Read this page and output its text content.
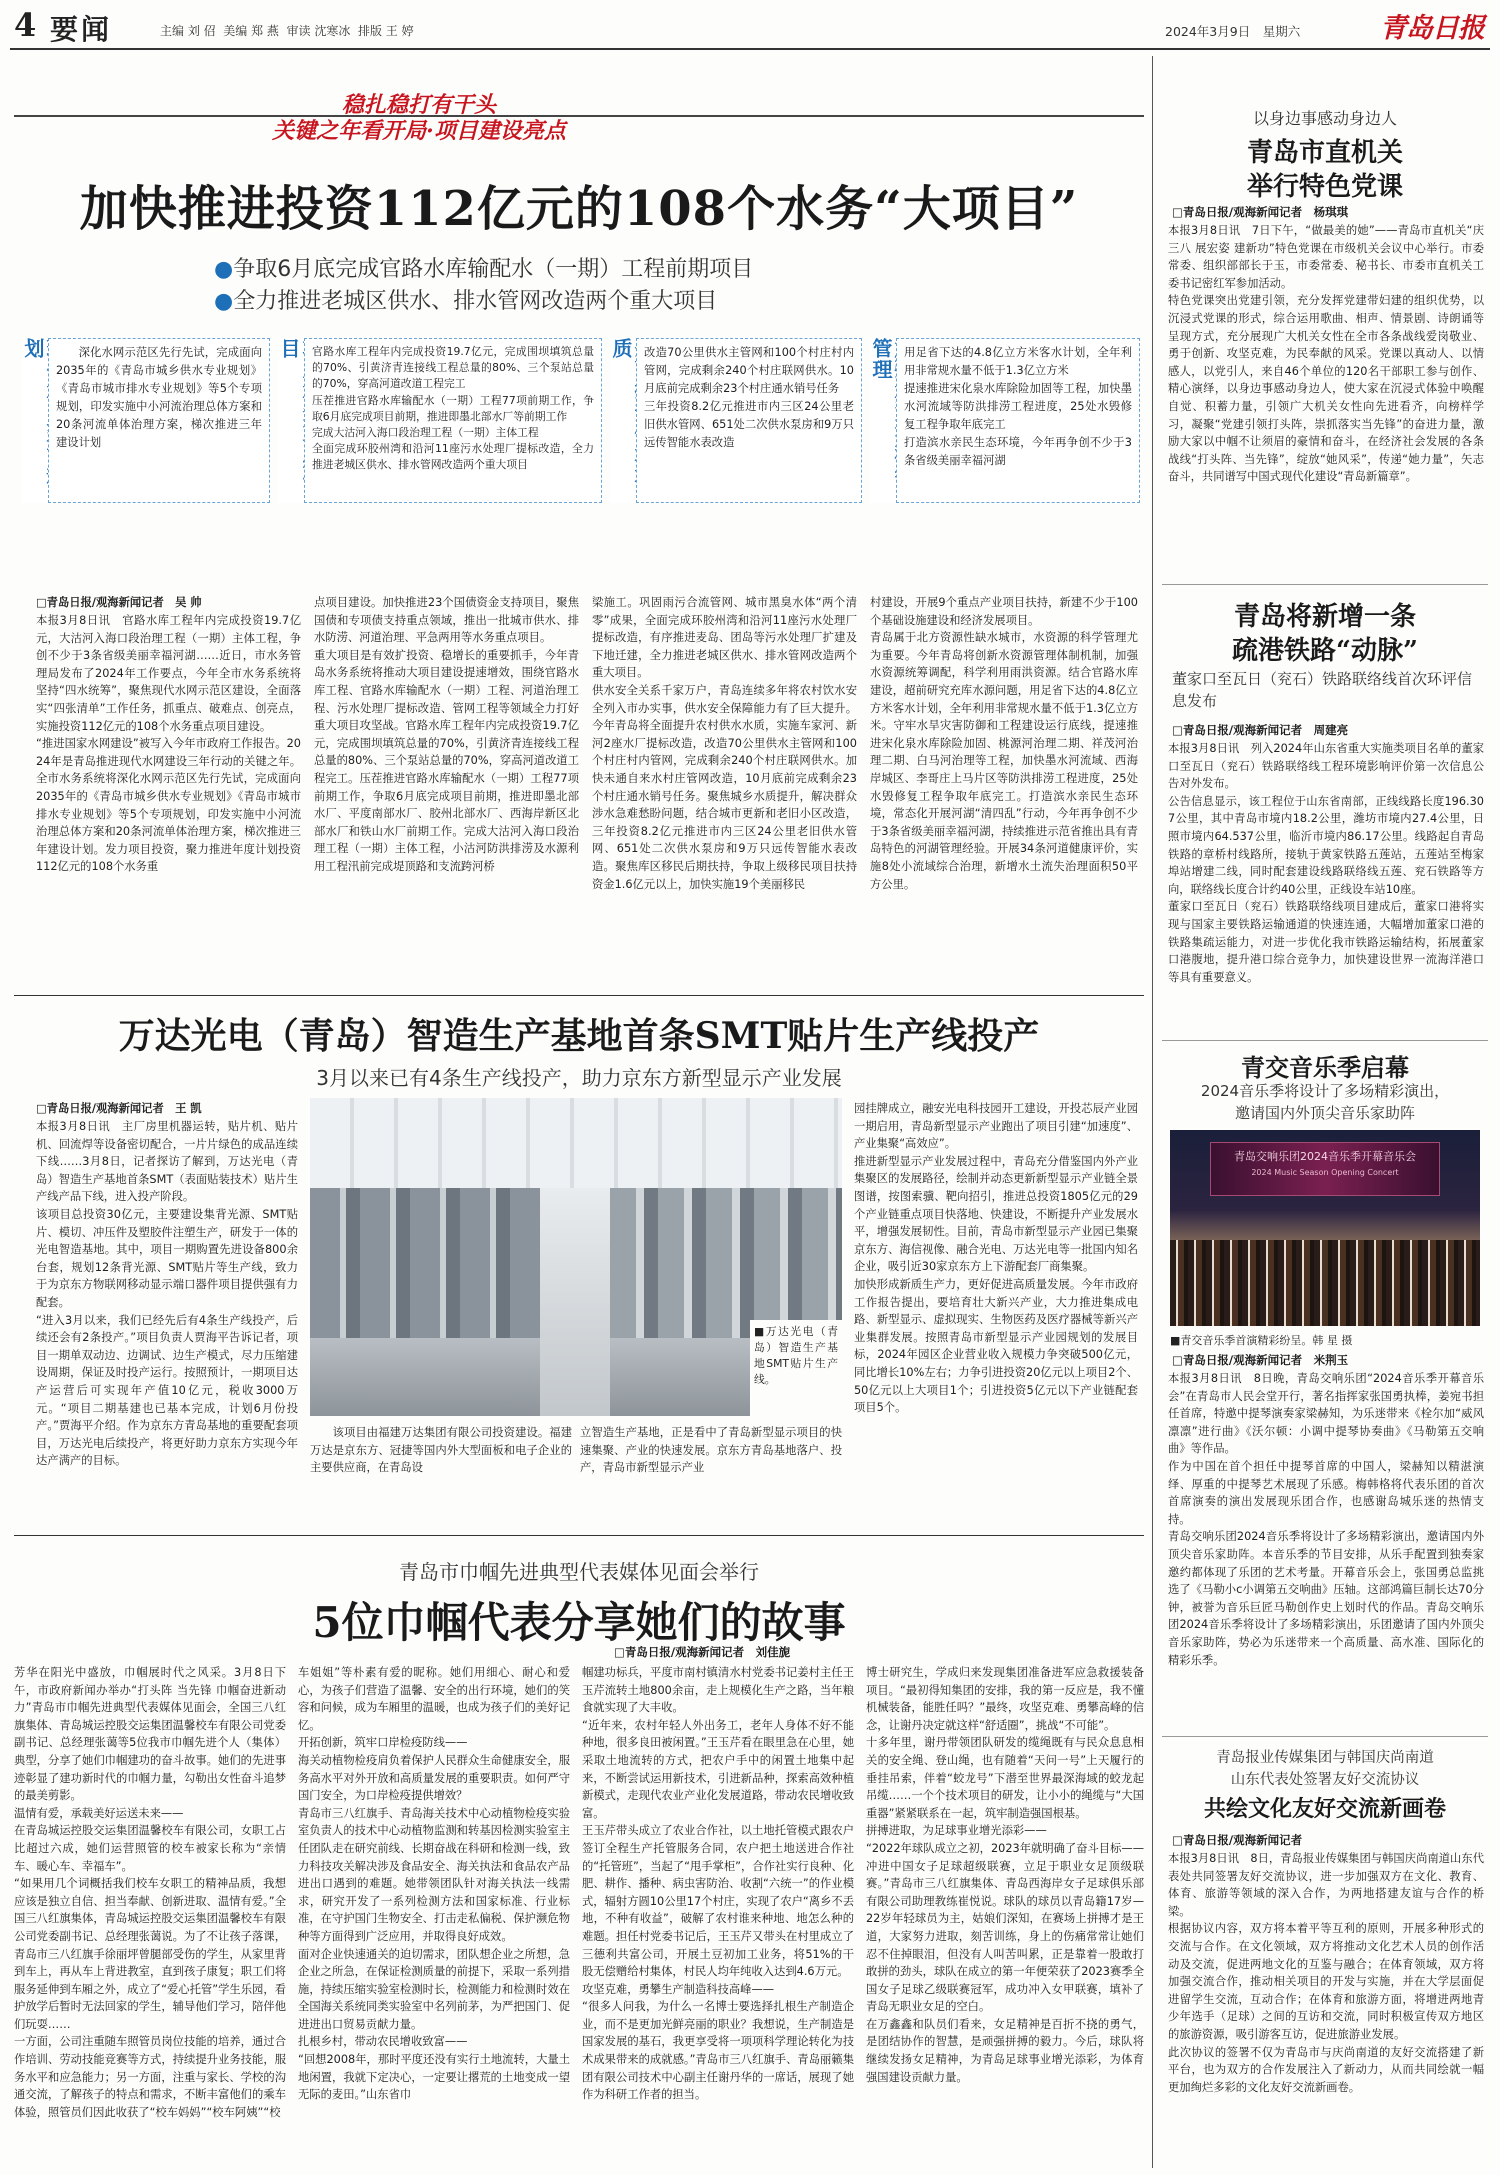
4 要闻	主编 刘 佋  美编 郑 燕  审读 沈寒冰  排版 王 婷	2024年3月9日　星期六	青岛日报
稳扎稳打有干头
关键之年看开局·项目建设亮点
加快推进投资112亿元的108个水务“大项目”
●争取6月底完成官路水库输配水（一期）工程前期项目
●全力推进老城区供水、排水管网改造两个重大项目
划	深化水网示范区先行先试，完成面向2035年的《青岛市城乡供水专业规划》《青岛市城市排水专业规划》等5个专项规划，印发实施中小河流治理总体方案和20条河流单体治理方案，梯次推进三年建设计划
目	官路水库工程年内完成投资19.7亿元，完成围坝填筑总量的70%、引黄济青连接线工程总量的80%、三个泵站总量的70%，穿高河道改道工程完工
压茬推进官路水库输配水（一期）工程77项前期工作，争取6月底完成项目前期，推进即墨北部水厂等前期工作
完成大沽河入海口段治理工程（一期）主体工程
全面完成环胶州湾和沿河11座污水处理厂提标改造，全力推进老城区供水、排水管网改造两个重大项目
质 改造70公里供水主管网和100个村庄村内管网，完成剩余240个村庄联网供水。10月底前完成剩余23个村庄通水销号任务
三年投资8.2亿元推进市内三区24公里老旧供水管网、651处二次供水泵房和9万只远传智能水表改造
管理
用足省下达的4.8亿立方米客水计划，全年利用非常规水量不低于1.3亿立方米
提速推进宋化泉水库除险加固等工程，加快墨水河流域等防洪排涝工程进度，25处水毁修复工程争取年底完工
打造滨水亲民生态环境，今年再争创不少于3条省级美丽幸福河湖
□青岛日报/观海新闻记者　吴 帅
本报3月8日讯　官路水库工程年内完成投资19.7亿元，大沽河入海口段治理工程（一期）主体工程，争创不少于3条省级美丽幸福河湖……近日，市水务管理局发布了2024年工作要点，今年全市水务系统将坚持“四水统筹”，聚焦现代水网示范区建设，全面落实“四张清单”工作任务，抓重点、破难点、创亮点，实施投资112亿元的108个水务重点项目建设。
“推进国家水网建设”被写入今年市政府工作报告。2024年是青岛推进现代水网建设三年行动的关键之年。全市水务系统将深化水网示范区先行先试，完成面向2035年的《青岛市城乡供水专业规划》《青岛市城市排水专业规划》等5个专项规划，印发实施中小河流治理总体方案和20条河流单体治理方案，梯次推进三年建设计划。发力项目投资，聚力推进年度计划投资112亿元的108个水务重
点项目建设。加快推进23个国债资金支持项目，聚焦国债和专项债支持重点领域，推出一批城市供水、排水防涝、河道治理、平急两用等水务重点项目。
重大项目是有效扩投资、稳增长的重要抓手，今年青岛水务系统将推动大项目建设提速增效，围绕官路水库工程、官路水库输配水（一期）工程、河道治理工程、污水处理厂提标改造、管网工程等领域全力打好重大项目攻坚战。官路水库工程年内完成投资19.7亿元，完成围坝填筑总量的70%，引黄济青连接线工程总量的80%、三个泵站总量的70%，穿高河道改道工程完工。压茬推进官路水库输配水（一期）工程77项前期工作，争取6月底完成项目前期，推进即墨北部水厂、平度南部水厂、胶州北部水厂、西海岸新区北部水厂和铁山水厂前期工作。完成大沽河入海口段治理工程（一期）主体工程，小沽河防洪排涝及水源利用工程汛前完成堤顶路和支流跨河桥
梁施工。巩固雨污合流管网、城市黑臭水体“两个清零”成果，全面完成环胶州湾和沿河11座污水处理厂提标改造，有序推进麦岛、团岛等污水处理厂扩建及下地迁建，全力推进老城区供水、排水管网改造两个重大项目。
供水安全关系千家万户，青岛连续多年将农村饮水安全列入市办实事，供水安全保障能力有了巨大提升。今年青岛将全面提升农村供水水质，实施车家河、新河2座水厂提标改造，改造70公里供水主管网和100个村庄村内管网，完成剩余240个村庄联网供水。加快未通自来水村庄管网改造，10月底前完成剩余23个村庄通水销号任务。聚焦城乡水质提升，解决群众涉水急难愁盼问题，结合城市更新和老旧小区改造，三年投资8.2亿元推进市内三区24公里老旧供水管网、651处二次供水泵房和9万只远传智能水表改造。聚焦库区移民后期扶持，争取上级移民项目扶持资金1.6亿元以上，加快实施19个美丽移民
村建设，开展9个重点产业项目扶持，新建不少于100个基础设施建设和经济发展项目。
青岛属于北方资源性缺水城市，水资源的科学管理尤为重要。今年青岛将创新水资源管理体制机制，加强水资源统筹调配，科学利用雨洪资源。结合官路水库建设，超前研究充库水源问题，用足省下达的4.8亿立方米客水计划，全年利用非常规水量不低于1.3亿立方米。守牢水旱灾害防御和工程建设运行底线，提速推进宋化泉水库除险加固、桃源河治理二期、祥茂河治理二期、白马河治理等工程，加快墨水河流域、西海岸城区、李哥庄上马片区等防洪排涝工程进度，25处水毁修复工程争取年底完工。打造滨水亲民生态环境，常态化开展河湖“清四乱”行动，今年再争创不少于3条省级美丽幸福河湖，持续推进示范省推出具有青岛特色的河湖管理经验。开展34条河道健康评价，实施8处小流域综合治理，新增水土流失治理面积50平方公里。
万达光电（青岛）智造生产基地首条SMT贴片生产线投产
3月以来已有4条生产线投产，助力京东方新型显示产业发展
□青岛日报/观海新闻记者　王 凯
本报3月8日讯　主厂房里机器运转，贴片机、贴片机、回流焊等设备密切配合，一片片绿色的成品连续下线……3月8日，记者探访了解到，万达光电（青岛）智造生产基地首条SMT（表面贴装技术）贴片生产线产品下线，进入投产阶段。
该项目总投资30亿元，主要建设集背光源、SMT贴片、模切、冲压件及塑胶件注塑生产，研发于一体的光电智造基地。其中，项目一期购置先进设备800余台套，规划12条背光源、SMT贴片等生产线，致力于为京东方物联网移动显示端口器件项目提供强有力配套。
“进入3月以来，我们已经先后有4条生产线投产，后续还会有2条投产。”项目负责人贾海平告诉记者，项目一期单双动边、边调试、边生产模式，尽力压缩建设周期，保证及时投产运行。按照预计，一期项目达产运营后可实现年产值10亿元，税收3000万元。“项目二期基建也已基本完成，计划6月份投产。”贾海平介绍。作为京东方青岛基地的重要配套项目，万达光电后续投产，将更好助力京东方实现今年达产满产的目标。
■万达光电（青岛）智造生产基地SMT贴片生产线。
该项目由福建万达集团有限公司投资建设。福建万达是京东方、冠捷等国内外大型面板和电子企业的主要供应商，在青岛设
立智造生产基地，正是看中了青岛新型显示项目的快速集聚、产业的快速发展。京东方青岛基地落户、投产，青岛市新型显示产业
园挂牌成立，融安光电科技园开工建设，开投芯辰产业园一期启用，青岛新型显示产业跑出了项目引建“加速度”、产业集聚“高效应”。
推进新型显示产业发展过程中，青岛充分借鉴国内外产业集聚区的发展路径，绘制并动态更新新型显示产业链全景图谱，按图索骥、靶向招引，推进总投资1805亿元的29个产业链重点项目快落地、快建设，不断提升产业发展水平，增强发展韧性。目前，青岛市新型显示产业园已集聚京东方、海信视像、融合光电、万达光电等一批国内知名企业，吸引近30家京东方上下游配套厂商集聚。
加快形成新质生产力，更好促进高质量发展。今年市政府工作报告提出，要培育壮大新兴产业，大力推进集成电路、新型显示、虚拟现实、生物医药及医疗器械等新兴产业集群发展。按照青岛市新型显示产业园规划的发展目标，2024年园区企业营业收入规模力争突破500亿元，同比增长10%左右；力争引进投资20亿元以上项目2个、50亿元以上大项目1个；引进投资5亿元以下产业链配套项目5个。
青岛市巾帼先进典型代表媒体见面会举行
5位巾帼代表分享她们的故事
□青岛日报/观海新闻记者　刘佳旎
芳华在阳光中盛放，巾帼展时代之风采。3月8日下午，市政府新闻办举办“打头阵 当先锋 巾帼奋进新动力”青岛市巾帼先进典型代表媒体见面会，全国三八红旗集体、青岛城运控股交运集团温馨校车有限公司党委副书记、总经理张蔼等5位我市巾帼先进个人（集体）典型，分享了她们巾帼建功的奋斗故事。她们的先进事迹彰显了建功新时代的巾帼力量，勾勒出女性奋斗追梦的最美剪影。
温情有爱，承载美好运送未来——
在青岛城运控股交运集团温馨校车有限公司，女职工占比超过六成，她们运营照管的校车被家长称为“亲情车、暖心车、幸福车”。
“如果用几个词概括我们校车女职工的精神品质，我想应该是独立自信、担当奉献、创新进取、温情有爱。”全国三八红旗集体，青岛城运控股交运集团温馨校车有限公司党委副书记、总经理张蔼说。为了不让孩子落课，青岛市三八红旗手徐丽坪曾腿部受伤的学生，从家里背到车上，再从车上背进教室，直到孩子康复；职工们将服务延伸到车厢之外，成立了“爱心托管”学生乐园，看护放学后暂时无法回家的学生，辅导他们学习，陪伴他们玩耍……
一方面，公司注重随车照管员岗位技能的培养，通过合作培训、劳动技能竞赛等方式，持续提升业务技能，服务水平和应急能力；另一方面，注重与家长、学校的沟通交流，了解孩子的特点和需求，不断丰富他们的乘车体验，照管员们因此收获了“校车妈妈”“校车阿姨”“校
车姐姐”等朴素有爱的昵称。她们用细心、耐心和爱心，为孩子们营造了温馨、安全的出行环境，她们的笑容和问候，成为车厢里的温暖，也成为孩子们的美好记忆。
开拓创新，筑牢口岸检疫防线——
海关动植物检疫肩负着保护人民群众生命健康安全，服务高水平对外开放和高质量发展的重要职责。如何严守国门安全，为口岸检疫提供增效？
青岛市三八红旗手、青岛海关技术中心动植物检疫实验室负责人的技术中心动植物监测和转基因检测实验室主任团队走在研究前线、长期奋战在科研和检测一线，致力科技攻关解决涉及食品安全、海关执法和食品农产品进出口遇到的难题。她带领团队针对海关执法一线需求，研究开发了一系列检测方法和国家标准、行业标准，在守护国门生物安全、打击走私偏税、保护濒危物种等方面得到广泛应用，并取得良好成效。
面对企业快速通关的迫切需求，团队想企业之所想，急企业之所急，在保证检测质量的前提下，采取一系列措施，持续压缩实验室检测时长，检测能力和检测时效在全国海关系统同类实验室中名列前茅，为严把国门、促进进出口贸易贡献力量。
扎根乡村，带动农民增收致富——
“回想2008年，那时平度还没有实行土地流转，大量土地闲置，我就下定决心，一定要让撂荒的土地变成一望无际的麦田。”山东省巾
帼建功标兵，平度市南村镇清水村党委书记姜村主任王玉芹流转土地800余亩，走上规模化生产之路，当年粮食就实现了大丰收。
“近年来，农村年轻人外出务工，老年人身体不好不能种地，很多良田被闲置。”王玉芹看在眼里急在心里，她采取土地流转的方式，把农户手中的闲置土地集中起来，不断尝试运用新技术，引进新品种，探索高效种植新模式，走现代农业产业化发展道路，带动农民增收致富。
王玉芹带头成立了农业合作社，以土地托管模式跟农户签订全程生产托管服务合同，农户把土地送进合作社的“托管班”，当起了“甩手掌柜”，合作社实行良种、化肥、耕作、播种、病虫害防治、收割“六统一”的作业模式，辐射方圆10公里17个村庄，实现了农户“离乡不丢地，不种有收益”，破解了农村谁来种地、地怎么种的难题。担任村党委书记后，王玉芹又带头在村里成立了三德利共富公司，开展土豆初加工业务，将51%的干股无偿赠给村集体，村民人均年纯收入达到4.6万元。
攻坚克难，勇攀生产制造科技高峰——
“很多人问我，为什么一名博士要选择扎根生产制造企业，而不是更加光鲜亮丽的职业？我想说，生产制造是国家发展的基石，我更享受将一项项科学理论转化为技术成果带来的成就感。”青岛市三八红旗手、青岛丽籁集团有限公司技术中心副主任谢丹华的一席话，展现了她作为科研工作者的担当。
博士研究生，学成归来发现集团准备进军应急救援装备项目。“最初得知集团的安排，我的第一反应是，我不懂机械装备，能胜任吗？”最终，攻坚克难、勇攀高峰的信念，让谢丹决定就这样“舒适圈”，挑战“不可能”。
十多年里，谢丹带领团队研发的缆绳既有与民众息息相关的安全绳、登山绳，也有随着“天问一号”上天履行的垂挂吊索，伴着“蛟龙号”下潜至世界最深海域的蛟龙起吊缆……一个个技术项目的研发，让小小的绳缆与“大国重器”紧紧联系在一起，筑牢制造强国根基。
拼搏进取，为足球事业增光添彩——
“2022年球队成立之初，2023年就明确了奋斗目标——冲进中国女子足球超级联赛，立足于职业女足顶级联赛。”青岛市三八红旗集体、青岛西海岸女子足球俱乐部有限公司助理教练崔悦说。球队的球员以青岛籍17岁—22岁年轻球员为主，姑娘们深知，在赛场上拼搏才是王道，大家努力进取，刻苦训练，身上的伤痛常常让她们忍不住掉眼泪，但没有人叫苦叫累，正是靠着一股敢打敢拼的劲头，球队在成立的第一年便荣获了2023赛季全国女子足球乙级联赛冠军，成功冲入女甲联赛，填补了青岛无职业女足的空白。
在万鑫鑫和队员们看来，女足精神是百折不挠的勇气，是团结协作的智慧，是顽强拼搏的毅力。今后，球队将继续发扬女足精神，为青岛足球事业增光添彩，为体育强国建设贡献力量。
以身边事感动身边人
青岛市直机关
举行特色党课
□青岛日报/观海新闻记者　杨琪琪
本报3月8日讯　7日下午，“做最美的她”——青岛市直机关“庆三八 展宏姿 建新功”特色党课在市级机关会议中心举行。市委常委、组织部部长于玉，市委常委、秘书长、市委市直机关工委书记密红军参加活动。
特色党课突出党建引领，充分发挥党建带妇建的组织优势，以沉浸式党课的形式，综合运用歌曲、相声、情景剧、诗朗诵等呈现方式，充分展现广大机关女性在全市各条战线爱岗敬业、勇于创新、攻坚克难，为民奉献的风采。党课以真动人、以情感人，以党引人，来自46个单位的120名干部职工参与创作、精心演绎，以身边事感动身边人，使大家在沉浸式体验中唤醒自觉、积蓄力量，引领广大机关女性向先进看齐，向榜样学习，凝聚“党建引领打头阵，崇抓落实当先锋”的奋进力量，激励大家以中帼不让须眉的豪情和奋斗，在经济社会发展的各条战线“打头阵、当先锋”，绽放“她风采”，传递“她力量”，矢志奋斗，共同谱写中国式现代化建设“青岛新篇章”。
青岛将新增一条
疏港铁路“动脉”
董家口至瓦日（兖石）铁路联络线首次环评信息发布
□青岛日报/观海新闻记者　周建亮
本报3月8日讯　列入2024年山东省重大实施类项目名单的董家口至瓦日（兖石）铁路联络线工程环境影响评价第一次信息公告对外发布。
公告信息显示，该工程位于山东省南部，正线线路长度196.307公里，其中青岛市境内18.2公里，潍坊市境内27.4公里，日照市境内64.537公里，临沂市境内86.17公里。线路起自青岛铁路的章桥村线路所，接轨于黄家铁路五莲站，五莲站至梅家埠站增建二线，同时配套建设线路联络线五莲、兖石铁路等方向，联络线长度合计约40公里，正线设车站10座。
董家口至瓦日（兖石）铁路联络线项目建成后，董家口港将实现与国家主要铁路运输通道的快速连通，大幅增加董家口港的铁路集疏运能力，对进一步优化我市铁路运输结构，拓展董家口港腹地，提升港口综合竞争力，加快建设世界一流海洋港口等具有重要意义。
青交音乐季启幕
2024音乐季将设计了多场精彩演出，
邀请国内外顶尖音乐家助阵
青岛交响乐团2024音乐季开幕音乐会
2024 Music Season Opening Concert
■青交音乐季首演精彩纷呈。韩 星 摄
□青岛日报/观海新闻记者　米荆玉
本报3月8日讯　8日晚，青岛交响乐团“2024音乐季开幕音乐会”在青岛市人民会堂开行，著名指挥家张国勇执棒，姜宛书担任首席，特邀中提琴演奏家梁赫知，为乐迷带来《栓尔加“威风凛凛”进行曲》《沃尔顿：小调中提琴协奏曲》《马勒第五交响曲》等作品。
作为中国在首个担任中提琴首席的中国人，梁赫知以精湛演绎、厚重的中提琴艺术展现了乐感。梅韩格将代表乐团的首次首席演奏的演出发展现乐团合作，也感谢岛城乐迷的热情支持。
青岛交响乐团2024音乐季将设计了多场精彩演出，邀请国内外顶尖音乐家助阵。本音乐季的节目安排，从乐手配置到独奏家邀约都体现了乐团的艺术考量。开幕音乐会上，张国勇总监挑选了《马勒小c小调第五交响曲》压轴。这部鸿篇巨制长达70分钟，被誉为音乐巨匠马勒创作史上划时代的作品。青岛交响乐团2024音乐季将设计了多场精彩演出，乐团邀请了国内外顶尖音乐家助阵，势必为乐迷带来一个高质量、高水准、国际化的精彩乐季。
青岛报业传媒集团与韩国庆尚南道
山东代表处签署友好交流协议
共绘文化友好交流新画卷
□青岛日报/观海新闻记者
本报3月8日讯　8日，青岛报业传媒集团与韩国庆尚南道山东代表处共同签署友好交流协议，进一步加强双方在文化、教育、体育、旅游等领域的深入合作，为两地搭建友谊与合作的桥梁。
根据协议内容，双方将本着平等互利的原则，开展多种形式的交流与合作。在文化领域，双方将推动文化艺术人员的创作活动及交流，促进两地文化的互鉴与融合；在体育领域，双方将加强交流合作，推动相关项目的开发与实施，并在大学层面促进留学生交流，互动合作；在体育和旅游方面，将增进两地青少年选手（足球）之间的互访和交流，同时积极宣传双方地区的旅游资源，吸引游客互访，促进旅游业发展。
此次协议的签署不仅为青岛市与庆尚南道的友好交流搭建了新平台，也为双方的合作发展注入了新动力，从而共同绘就一幅更加绚烂多彩的文化友好交流新画卷。
